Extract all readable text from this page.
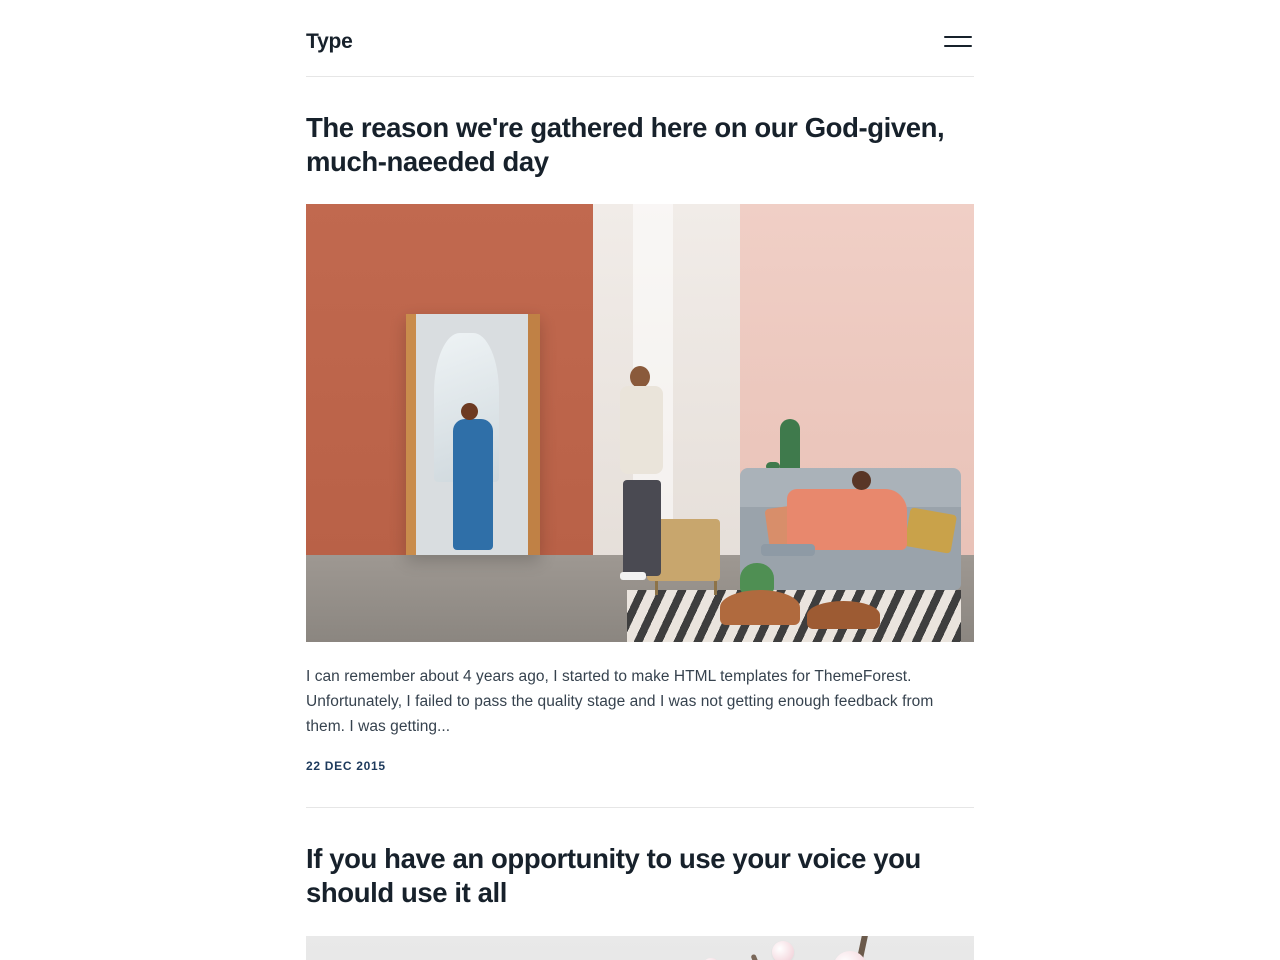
Type
The reason we're gathered here on our God-given, much-naeeded day

I can remember about 4 years ago, I started to make HTML templates for ThemeForest. Unfortunately, I failed to pass the quality stage and I was not getting enough feedback from them. I was getting...

22 DEC 2015
If you have an opportunity to use your voice you should use it all
